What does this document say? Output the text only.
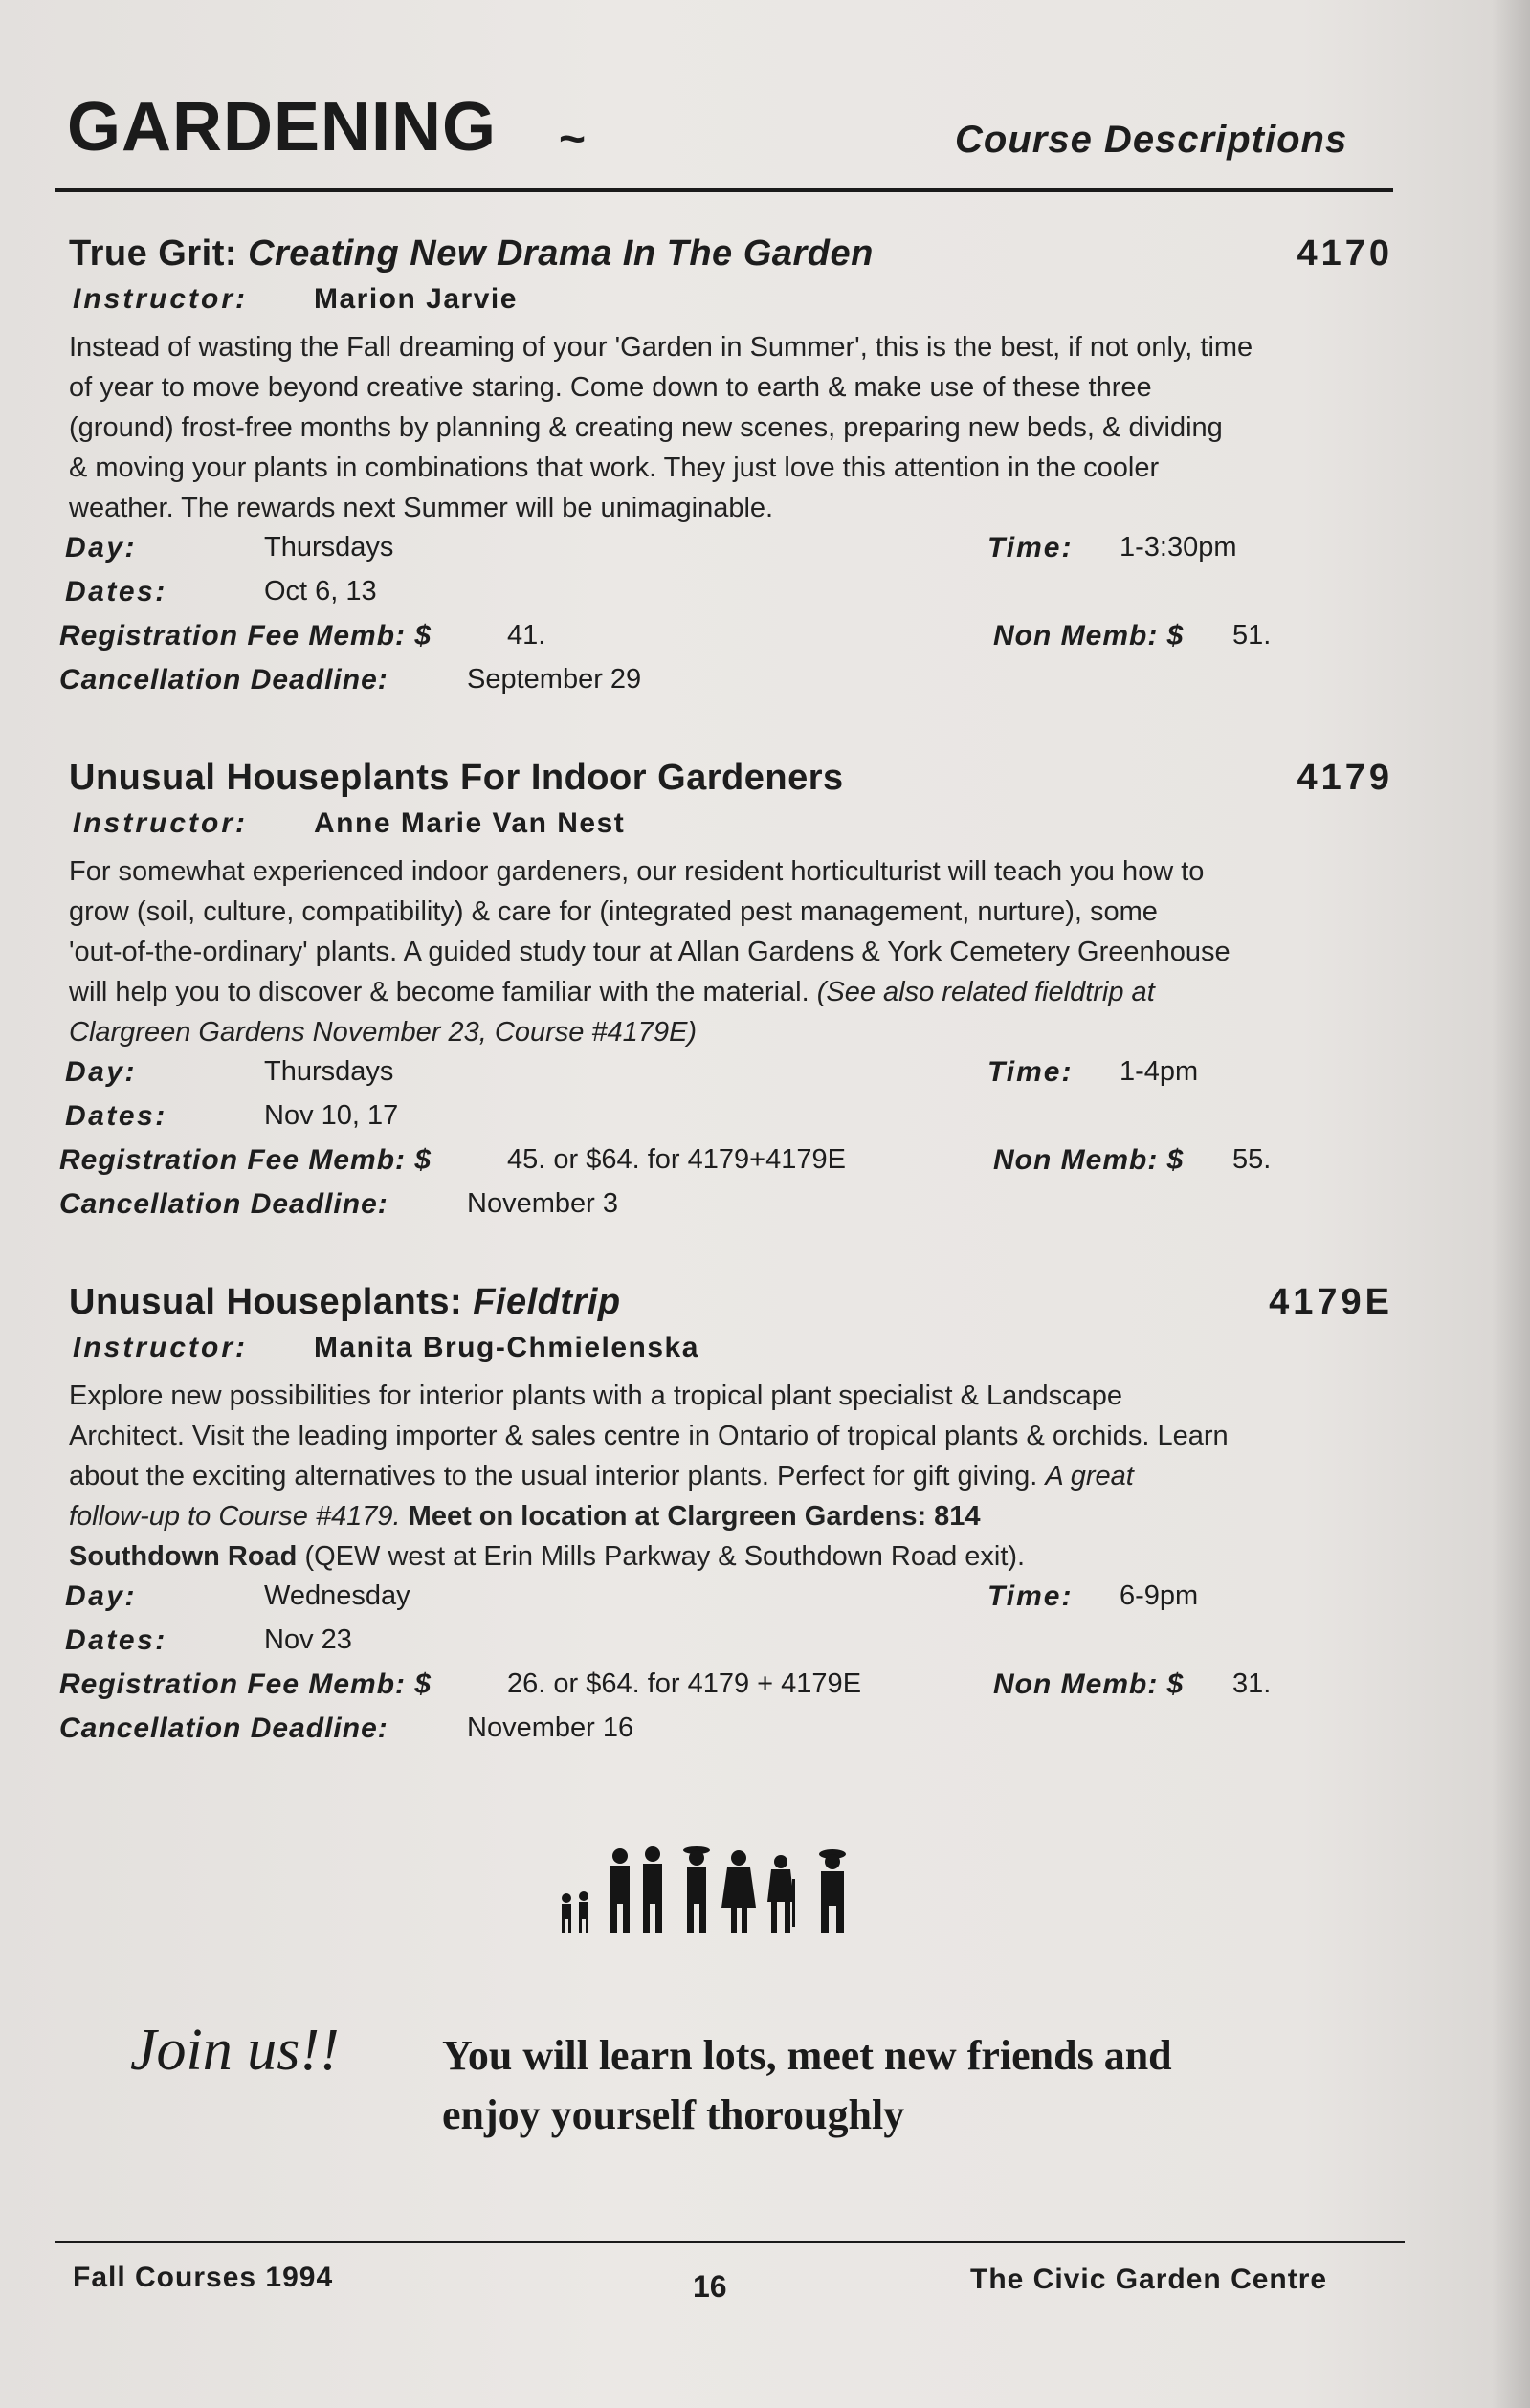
GARDENING ~	Course Descriptions
True Grit: Creating New Drama In The Garden	4170
Instructor: Marion Jarvie
Instead of wasting the Fall dreaming of your 'Garden in Summer', this is the best, if not only, time
of year to move beyond creative staring. Come down to earth & make use of these three
(ground) frost-free months by planning & creating new scenes, preparing new beds, & dividing
& moving your plants in combinations that work. They just love this attention in the cooler
weather. The rewards next Summer will be unimaginable.
Day:	Thursdays	Time: 1-3:30pm
Dates:	Oct 6, 13
Registration Fee Memb: $	41.	Non Memb: $ 51.
Cancellation Deadline:	September 29
Unusual Houseplants For Indoor Gardeners	4179
Instructor: Anne Marie Van Nest
For somewhat experienced indoor gardeners, our resident horticulturist will teach you how to
grow (soil, culture, compatibility) & care for (integrated pest management, nurture), some
'out-of-the-ordinary' plants. A guided study tour at Allan Gardens & York Cemetery Greenhouse
will help you to discover & become familiar with the material. (See also related fieldtrip at
Clargreen Gardens November 23, Course #4179E)
Day:	Thursdays	Time: 1-4pm
Dates:	Nov 10, 17
Registration Fee Memb: $	45. or $64. for 4179+4179E	Non Memb: $ 55.
Cancellation Deadline:	November 3
Unusual Houseplants: Fieldtrip	4179E
Instructor: Manita Brug-Chmielenska
Explore new possibilities for interior plants with a tropical plant specialist & Landscape
Architect. Visit the leading importer & sales centre in Ontario of tropical plants & orchids. Learn
about the exciting alternatives to the usual interior plants. Perfect for gift giving. A great
follow-up to Course #4179. Meet on location at Clargreen Gardens: 814
Southdown Road (QEW west at Erin Mills Parkway & Southdown Road exit).
Day:	Wednesday	Time: 6-9pm
Dates:	Nov 23
Registration Fee Memb: $	26. or $64. for 4179 + 4179E	Non Memb: $ 31.
Cancellation Deadline:	November 16
Join us!! You will learn lots, meet new friends and
enjoy yourself thoroughly
Fall Courses 1994	16	The Civic Garden Centre
